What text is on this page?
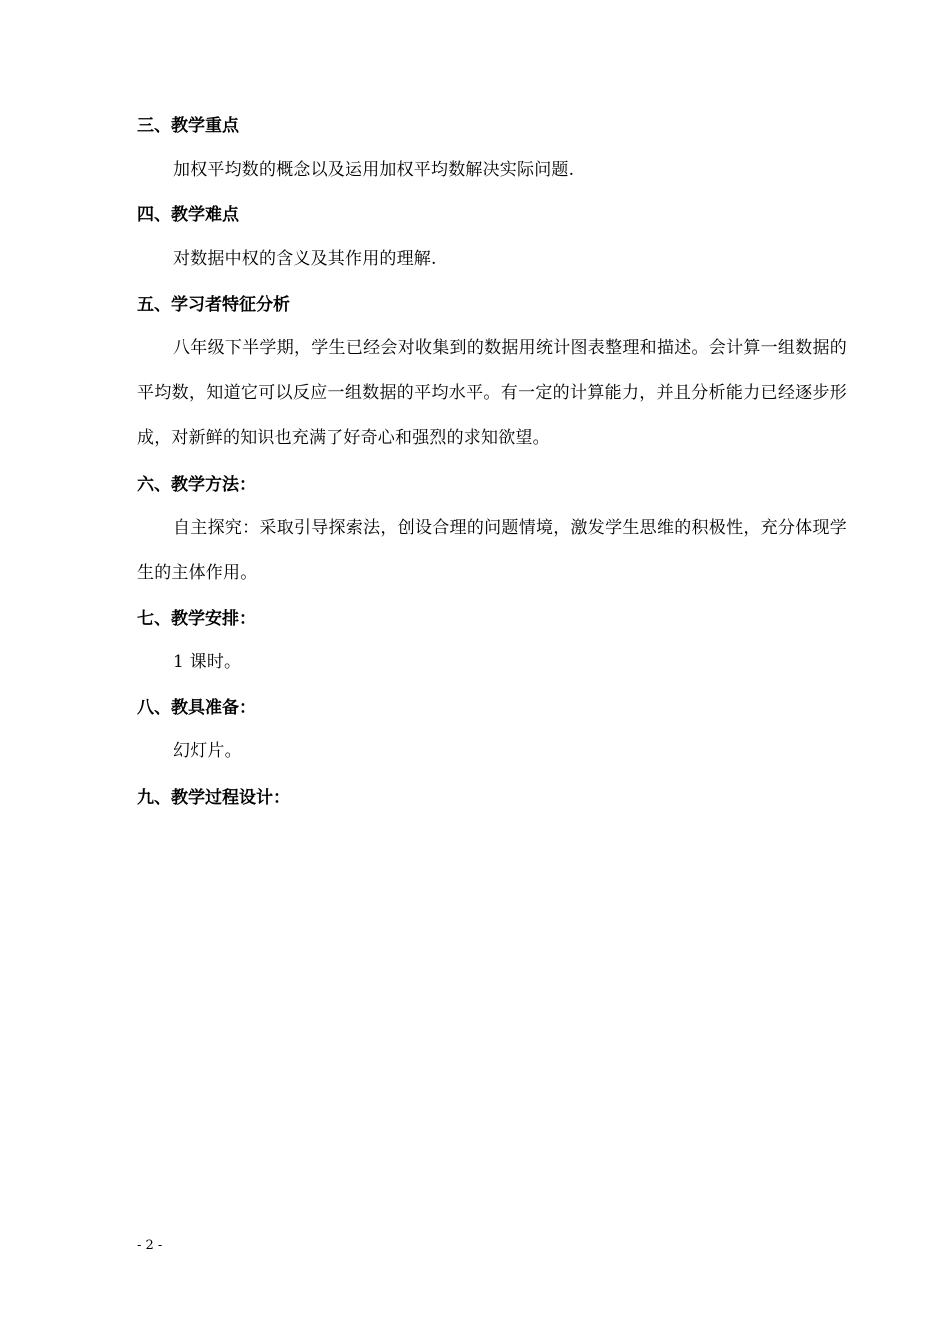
三、教学重点
加权平均数的概念以及运用加权平均数解决实际问题.
四、教学难点
对数据中权的含义及其作用的理解.
五、学习者特征分析
八年级下半学期，学生已经会对收集到的数据用统计图表整理和描述。会计算一组数据的平均数，知道它可以反应一组数据的平均水平。有一定的计算能力，并且分析能力已经逐步形成，对新鲜的知识也充满了好奇心和强烈的求知欲望。
六、教学方法：
自主探究：采取引导探索法，创设合理的问题情境，激发学生思维的积极性，充分体现学生的主体作用。
七、教学安排：
1 课时。
八、教具准备：
幻灯片。
九、教学过程设计：
- 2 -
